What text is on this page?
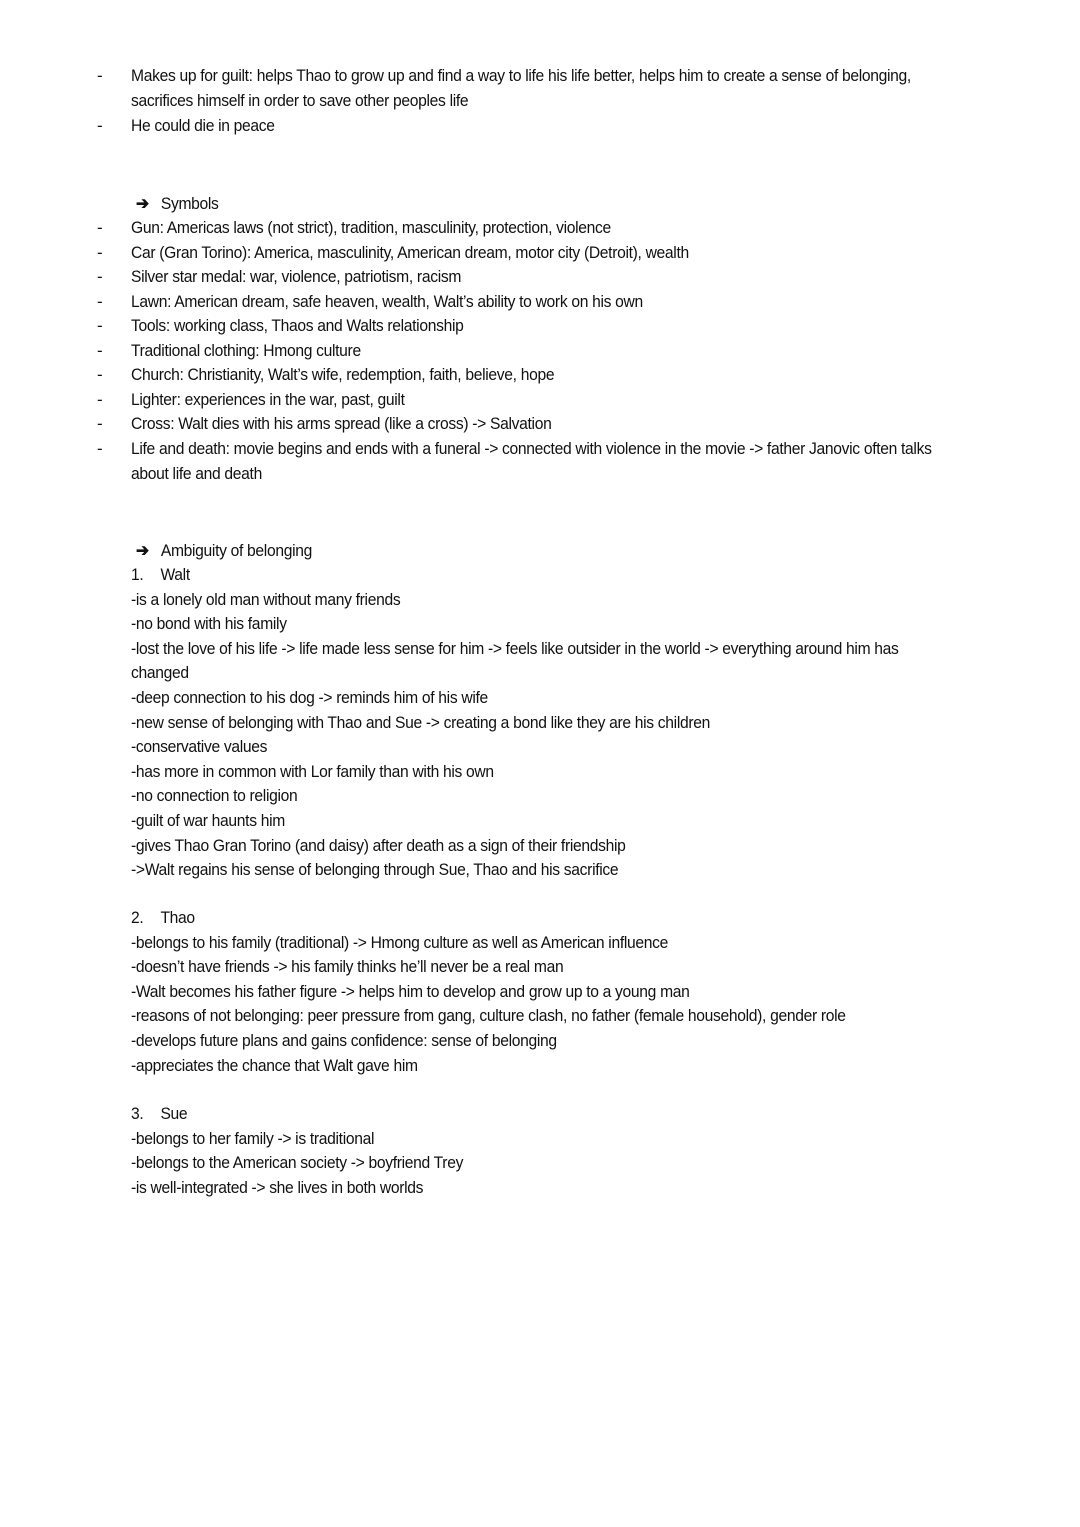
- Makes up for guilt: helps Thao to grow up and find a way to life his life better, helps him to create a sense of belonging,
sacrifices himself in order to save other peoples life
- He could die in peace
➔ Symbols
- Gun: Americas laws (not strict), tradition, masculinity, protection, violence
- Car (Gran Torino): America, masculinity, American dream, motor city (Detroit), wealth
- Silver star medal: war, violence, patriotism, racism
- Lawn: American dream, safe heaven, wealth, Walt’s ability to work on his own
- Tools: working class, Thaos and Walts relationship
- Traditional clothing: Hmong culture
- Church: Christianity, Walt’s wife, redemption, faith, believe, hope
- Lighter: experiences in the war, past, guilt
- Cross: Walt dies with his arms spread (like a cross) -> Salvation
- Life and death: movie begins and ends with a funeral -> connected with violence in the movie -> father Janovic often talks
about life and death
➔ Ambiguity of belonging
1. Walt
-is a lonely old man without many friends
-no bond with his family
-lost the love of his life -> life made less sense for him -> feels like outsider in the world -> everything around him has
changed
-deep connection to his dog -> reminds him of his wife
-new sense of belonging with Thao and Sue -> creating a bond like they are his children
-conservative values
-has more in common with Lor family than with his own
-no connection to religion
-guilt of war haunts him
-gives Thao Gran Torino (and daisy) after death as a sign of their friendship
->Walt regains his sense of belonging through Sue, Thao and his sacrifice
2. Thao
-belongs to his family (traditional) -> Hmong culture as well as American influence
-doesn’t have friends -> his family thinks he’ll never be a real man
-Walt becomes his father figure -> helps him to develop and grow up to a young man
-reasons of not belonging: peer pressure from gang, culture clash, no father (female household), gender role
-develops future plans and gains confidence: sense of belonging
-appreciates the chance that Walt gave him
3. Sue
-belongs to her family -> is traditional
-belongs to the American society -> boyfriend Trey
-is well-integrated -> she lives in both worlds
